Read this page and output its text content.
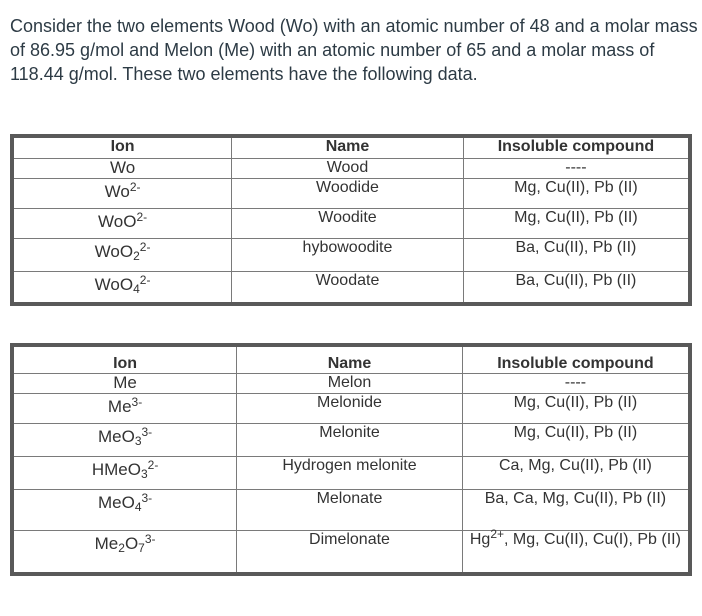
Consider the two elements Wood (Wo) with an atomic number of 48 and a molar mass of 86.95 g/mol and Melon (Me) with an atomic number of 65 and a molar mass of 118.44 g/mol. These two elements have the following data.

Ion	Name	Insoluble compound
Wo	Wood	----
$Wo^{2-}$	Woodide	Mg, Cu(II), Pb (II)
WoO$^{2-}$	Woodite	Mg, Cu(II), Pb (II)
WoO$_2^{2-}$	hybowoodite	Ba, Cu(II), Pb (II)
WoO$_4^{2-}$	Woodate	Ba, Cu(II), Pb (II)
Ion	Name	Insoluble compound
Me	Melon	----
$Me^{3-}$	Melonide	Mg, Cu(II), Pb (II)
MeO$_3^{3-}$	Melonite	Mg, Cu(II), Pb (II)
HMeO$_3^{2-}$	Hydrogen melonite	Ca, Mg, Cu(II), Pb (II)
MeO$_4^{3-}$	Melonate	Ba, Ca, Mg, Cu(II), Pb (II)
$Me_2O_7^{3-}$	Dimelonate	$Hg^{2+}$, Mg, Cu(II), Cu(I), Pb (II)
